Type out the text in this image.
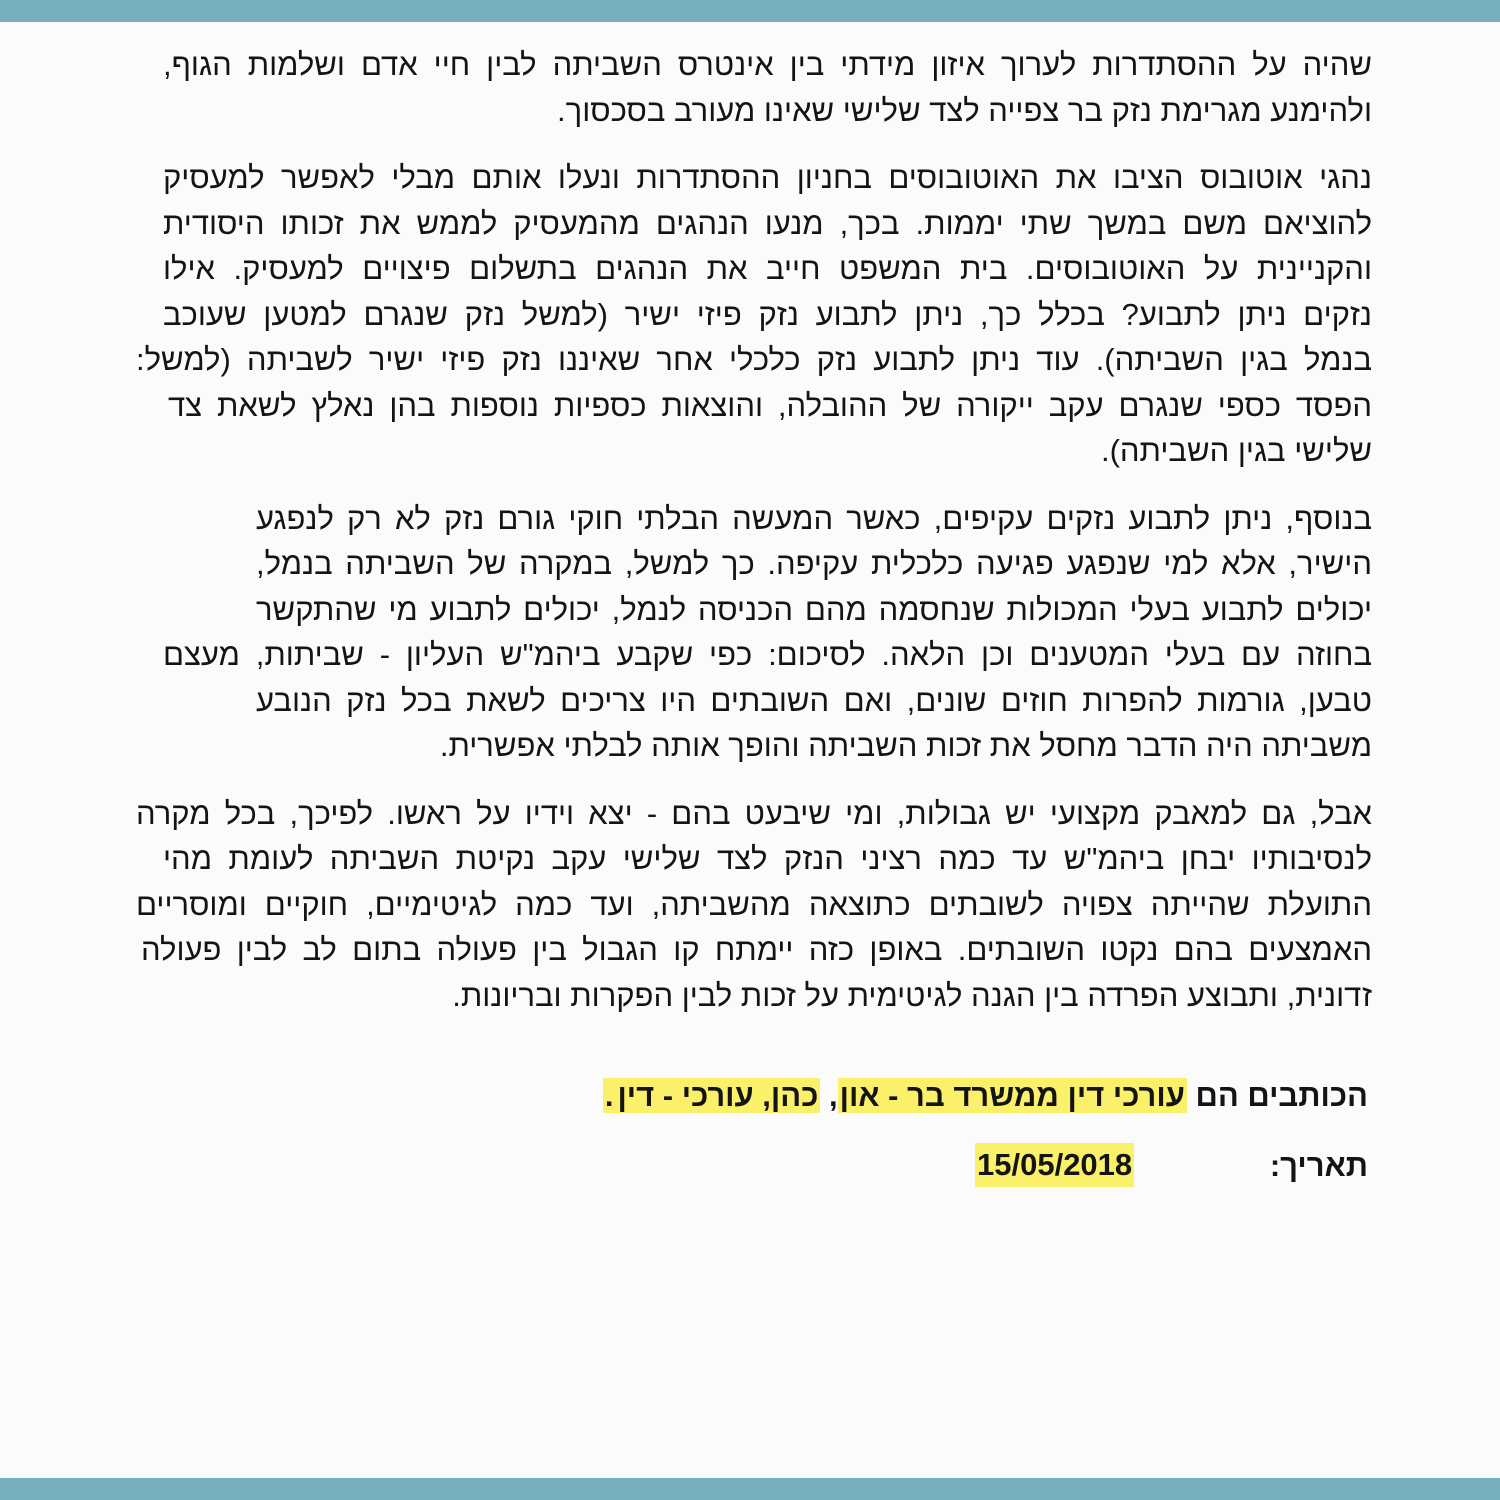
שהיה על ההסתדרות לערוך איזון מידתי בין אינטרס השביתה לבין חיי אדם ושלמות הגוף,
ולהימנע מגרימת נזק בר צפייה לצד שלישי שאינו מעורב בסכסוך.

נהגי אוטובוס הציבו את האוטובוסים בחניון ההסתדרות ונעלו אותם מבלי לאפשר למעסיק
להוציאם משם במשך שתי יממות. בכך, מנעו הנהגים מהמעסיק לממש את זכותו היסודית
והקניינית על האוטובוסים. בית המשפט חייב את הנהגים בתשלום פיצויים למעסיק. אילו
נזקים ניתן לתבוע? בכלל כך, ניתן לתבוע נזק פיזי ישיר (למשל נזק שנגרם למטען שעוכב
בנמל בגין השביתה). עוד ניתן לתבוע נזק כלכלי אחר שאיננו נזק פיזי ישיר לשביתה (למשל:
הפסד כספי שנגרם עקב ייקורה של ההובלה, והוצאות כספיות נוספות בהן נאלץ לשאת צד
שלישי בגין השביתה).

בנוסף, ניתן לתבוע נזקים עקיפים, כאשר המעשה הבלתי חוקי גורם נזק לא רק לנפגע
הישיר, אלא למי שנפגע פגיעה כלכלית עקיפה. כך למשל, במקרה של השביתה בנמל,
יכולים לתבוע בעלי המכולות שנחסמה מהם הכניסה לנמל, יכולים לתבוע מי שהתקשר
בחוזה עם בעלי המטענים וכן הלאה. לסיכום: כפי שקבע ביהמ"ש העליון - שביתות, מעצם
טבען, גורמות להפרות חוזים שונים, ואם השובתים היו צריכים לשאת בכל נזק הנובע
משביתה היה הדבר מחסל את זכות השביתה והופך אותה לבלתי אפשרית.

אבל, גם למאבק מקצועי יש גבולות, ומי שיבעט בהם - יצא וידיו על ראשו. לפיכך, בכל מקרה
לנסיבותיו יבחן ביהמ"ש עד כמה רציני הנזק לצד שלישי עקב נקיטת השביתה לעומת מהי
התועלת שהייתה צפויה לשובתים כתוצאה מהשביתה, ועד כמה לגיטימיים, חוקיים ומוסריים
האמצעים בהם נקטו השובתים. באופן כזה יימתח קו הגבול בין פעולה בתום לב לבין פעולה
זדונית, ותבוצע הפרדה בין הגנה לגיטימית על זכות לבין הפקרות ובריונות.

הכותבים הם עורכי דין ממשרד בר - און, כהן, עורכי - דין.
תאריך:
15/05/2018
